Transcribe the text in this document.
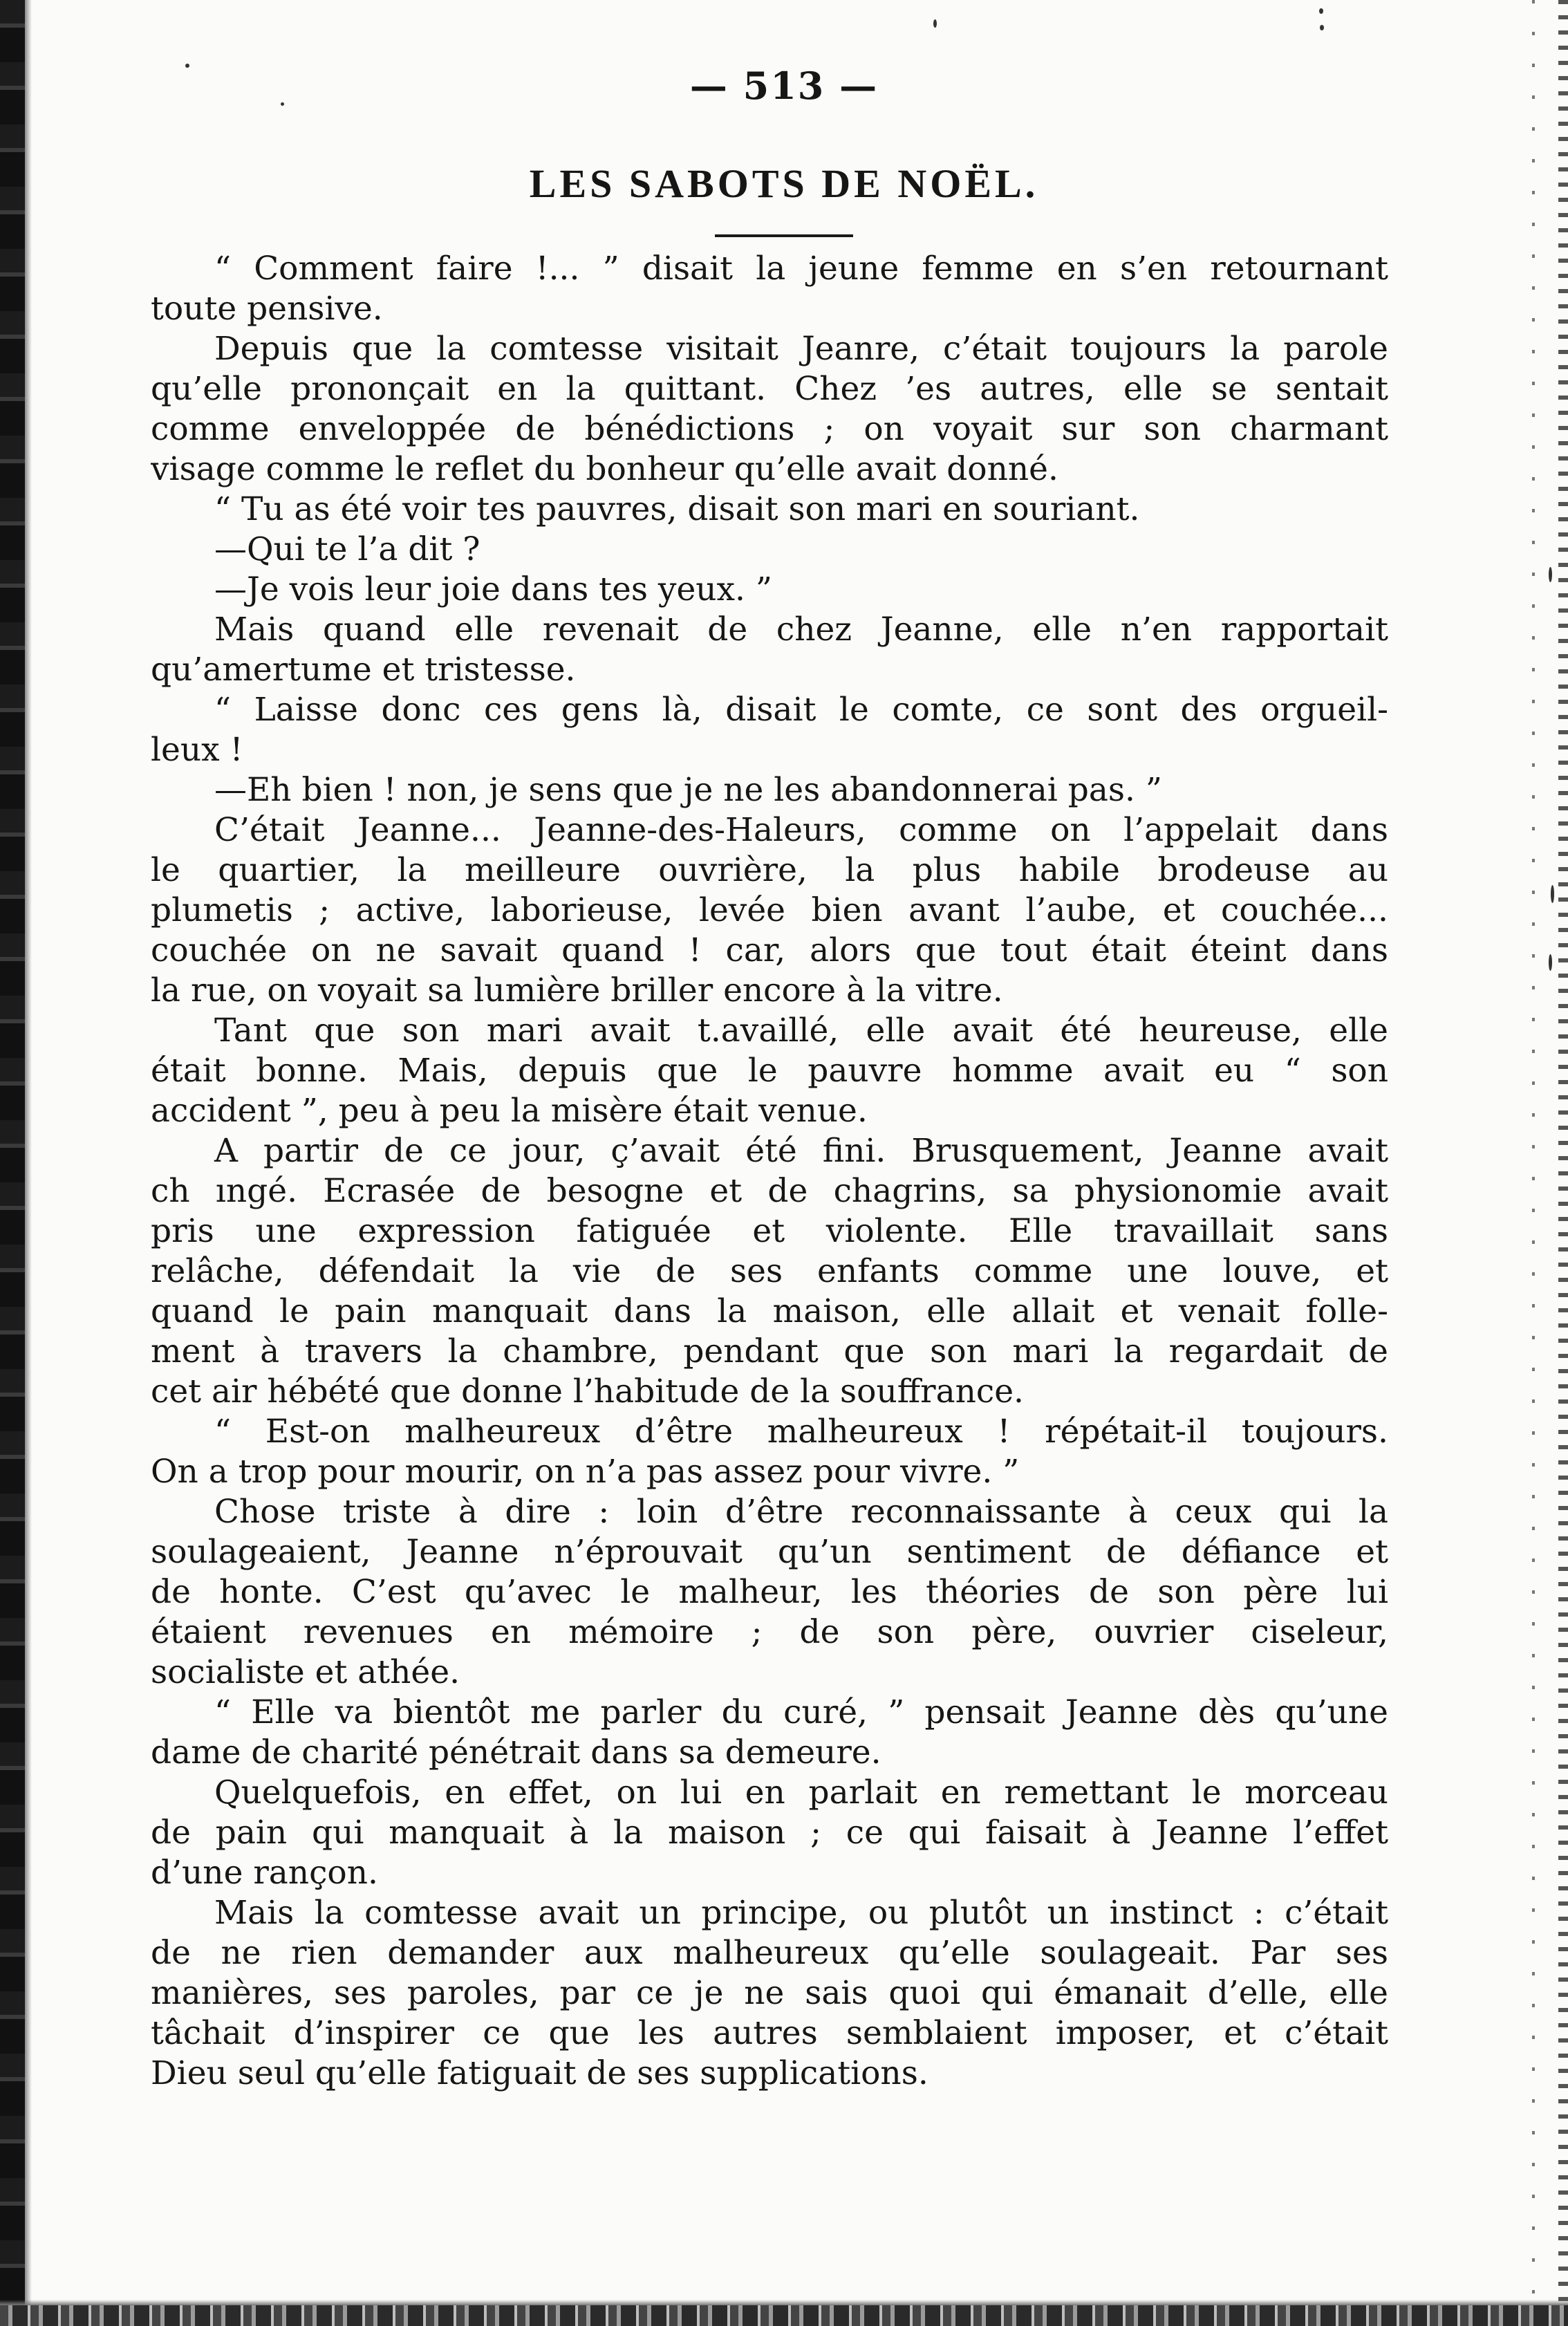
— 513 —
LES SABOTS DE NOËL.
“ Comment faire !... ” disait la jeune femme en s’en retournant
toute pensive.
Depuis que la comtesse visitait Jeanre, c’était toujours la parole
qu’elle prononçait en la quittant. Chez ’es autres, elle se sentait
comme enveloppée de bénédictions ; on voyait sur son charmant
visage comme le reflet du bonheur qu’elle avait donné.
“ Tu as été voir tes pauvres, disait son mari en souriant.
—Qui te l’a dit ?
—Je vois leur joie dans tes yeux. ”
Mais quand elle revenait de chez Jeanne, elle n’en rapportait
qu’amertume et tristesse.
“ Laisse donc ces gens là, disait le comte, ce sont des orgueil-
leux !
—Eh bien ! non, je sens que je ne les abandonnerai pas. ”
C’était Jeanne... Jeanne-des-Haleurs, comme on l’appelait dans
le quartier, la meilleure ouvrière, la plus habile brodeuse au
plumetis ; active, laborieuse, levée bien avant l’aube, et couchée...
couchée on ne savait quand ! car, alors que tout était éteint dans
la rue, on voyait sa lumière briller encore à la vitre.
Tant que son mari avait t.availlé, elle avait été heureuse, elle
était bonne. Mais, depuis que le pauvre homme avait eu “ son
accident ”, peu à peu la misère était venue.
A partir de ce jour, ç’avait été fini. Brusquement, Jeanne avait
ch ıngé. Ecrasée de besogne et de chagrins, sa physionomie avait
pris une expression fatiguée et violente. Elle travaillait sans
relâche, défendait la vie de ses enfants comme une louve, et
quand le pain manquait dans la maison, elle allait et venait folle-
ment à travers la chambre, pendant que son mari la regardait de
cet air hébété que donne l’habitude de la souffrance.
“ Est-on malheureux d’être malheureux ! répétait-il toujours.
On a trop pour mourir, on n’a pas assez pour vivre. ”
Chose triste à dire : loin d’être reconnaissante à ceux qui la
soulageaient, Jeanne n’éprouvait qu’un sentiment de défiance et
de honte. C’est qu’avec le malheur, les théories de son père lui
étaient revenues en mémoire ; de son père, ouvrier ciseleur,
socialiste et athée.
“ Elle va bientôt me parler du curé, ” pensait Jeanne dès qu’une
dame de charité pénétrait dans sa demeure.
Quelquefois, en effet, on lui en parlait en remettant le morceau
de pain qui manquait à la maison ; ce qui faisait à Jeanne l’effet
d’une rançon.
Mais la comtesse avait un principe, ou plutôt un instinct : c’était
de ne rien demander aux malheureux qu’elle soulageait. Par ses
manières, ses paroles, par ce je ne sais quoi qui émanait d’elle, elle
tâchait d’inspirer ce que les autres semblaient imposer, et c’était
Dieu seul qu’elle fatiguait de ses supplications.
